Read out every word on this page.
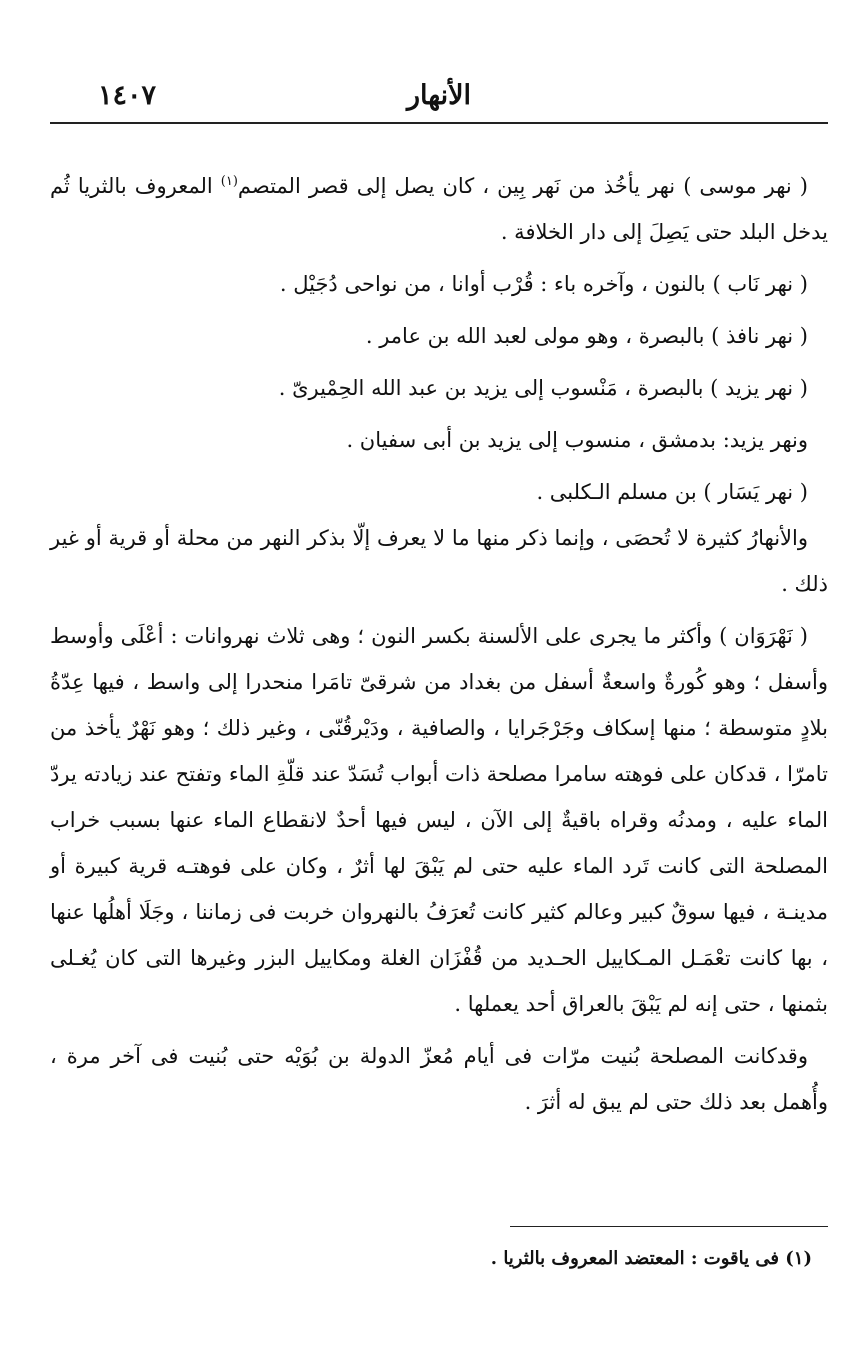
الأنهار
١٤٠٧

( نهر موسى ) نهر يأخُذ من نَهر بِين ، كان يصل إلى قصر المتصم$^{(١)}$ المعروف بالثريا ثُم يدخل البلد حتى يَصِلَ إلى دار الخلافة .

( نهر نَاب ) بالنون ، وآخره باء : قُرْب أوانا ، من نواحى دُجَيْل .

( نهر نافذ ) بالبصرة ، وهو مولى لعبد الله بن عامر .

( نهر يزيد ) بالبصرة ، مَنْسوب إلى يزيد بن عبد الله الحِمْيرىّ .

ونهر يزيد: بدمشق ، منسوب إلى يزيد بن أبى سفيان .

( نهر يَسَار ) بن مسلم الـكلبى .

والأنهارُ كثيرة لا تُحصَى ، وإنما ذكر منها ما لا يعرف إلّا بذكر النهر من محلة أو قرية أو غير ذلك .

( نَهْرَوَان ) وأكثر ما يجرى على الألسنة بكسر النون ؛ وهى ثلاث نهروانات : أعْلَى وأوسط وأسفل ؛ وهو كُورةٌ واسعةٌ أسفل من بغداد من شرقىّ تامَرا منحدرا إلى واسط ، فيها عِدّةُ بلادٍ متوسطة ؛ منها إسكاف وجَرْجَرايا ، والصافية ، ودَيْرقُنّى ، وغير ذلك ؛ وهو نَهْرٌ يأخذ من تامرّا ، قدكان على فوهته سامرا مصلحة ذات أبواب تُسَدّ عند قلّةِ الماء وتفتح عند زيادته يردّ الماء عليه ، ومدنُه وقراه باقيةٌ إلى الآن ، ليس فيها أحدٌ لانقطاع الماء عنها بسبب خراب المصلحة التى كانت تَرد الماء عليه حتى لم يَبْقَ لها أثرٌ ، وكان على فوهتـه قرية كبيرة أو مدينـة ، فيها سوقٌ كبير وعالم كثير كانت تُعرَفُ بالنهروان خربت فى زماننا ، وجَلَا أهلُها عنها ، بها كانت تعْمَـل المـكاييل الحـديد من قُفْزَان الغلة ومكاييل البزر وغيرها التى كان يُغـلى بثمنها ، حتى إنه لم يَبْقَ بالعراق أحد يعملها .

وقدكانت المصلحة بُنيت مرّات فى أيام مُعزّ الدولة بن بُوَيْه حتى بُنيت فى آخر مرة ، وأُهمل بعد ذلك حتى لم يبق له أثرَ .

(١) فى ياقوت : المعتضد المعروف بالثريا .
